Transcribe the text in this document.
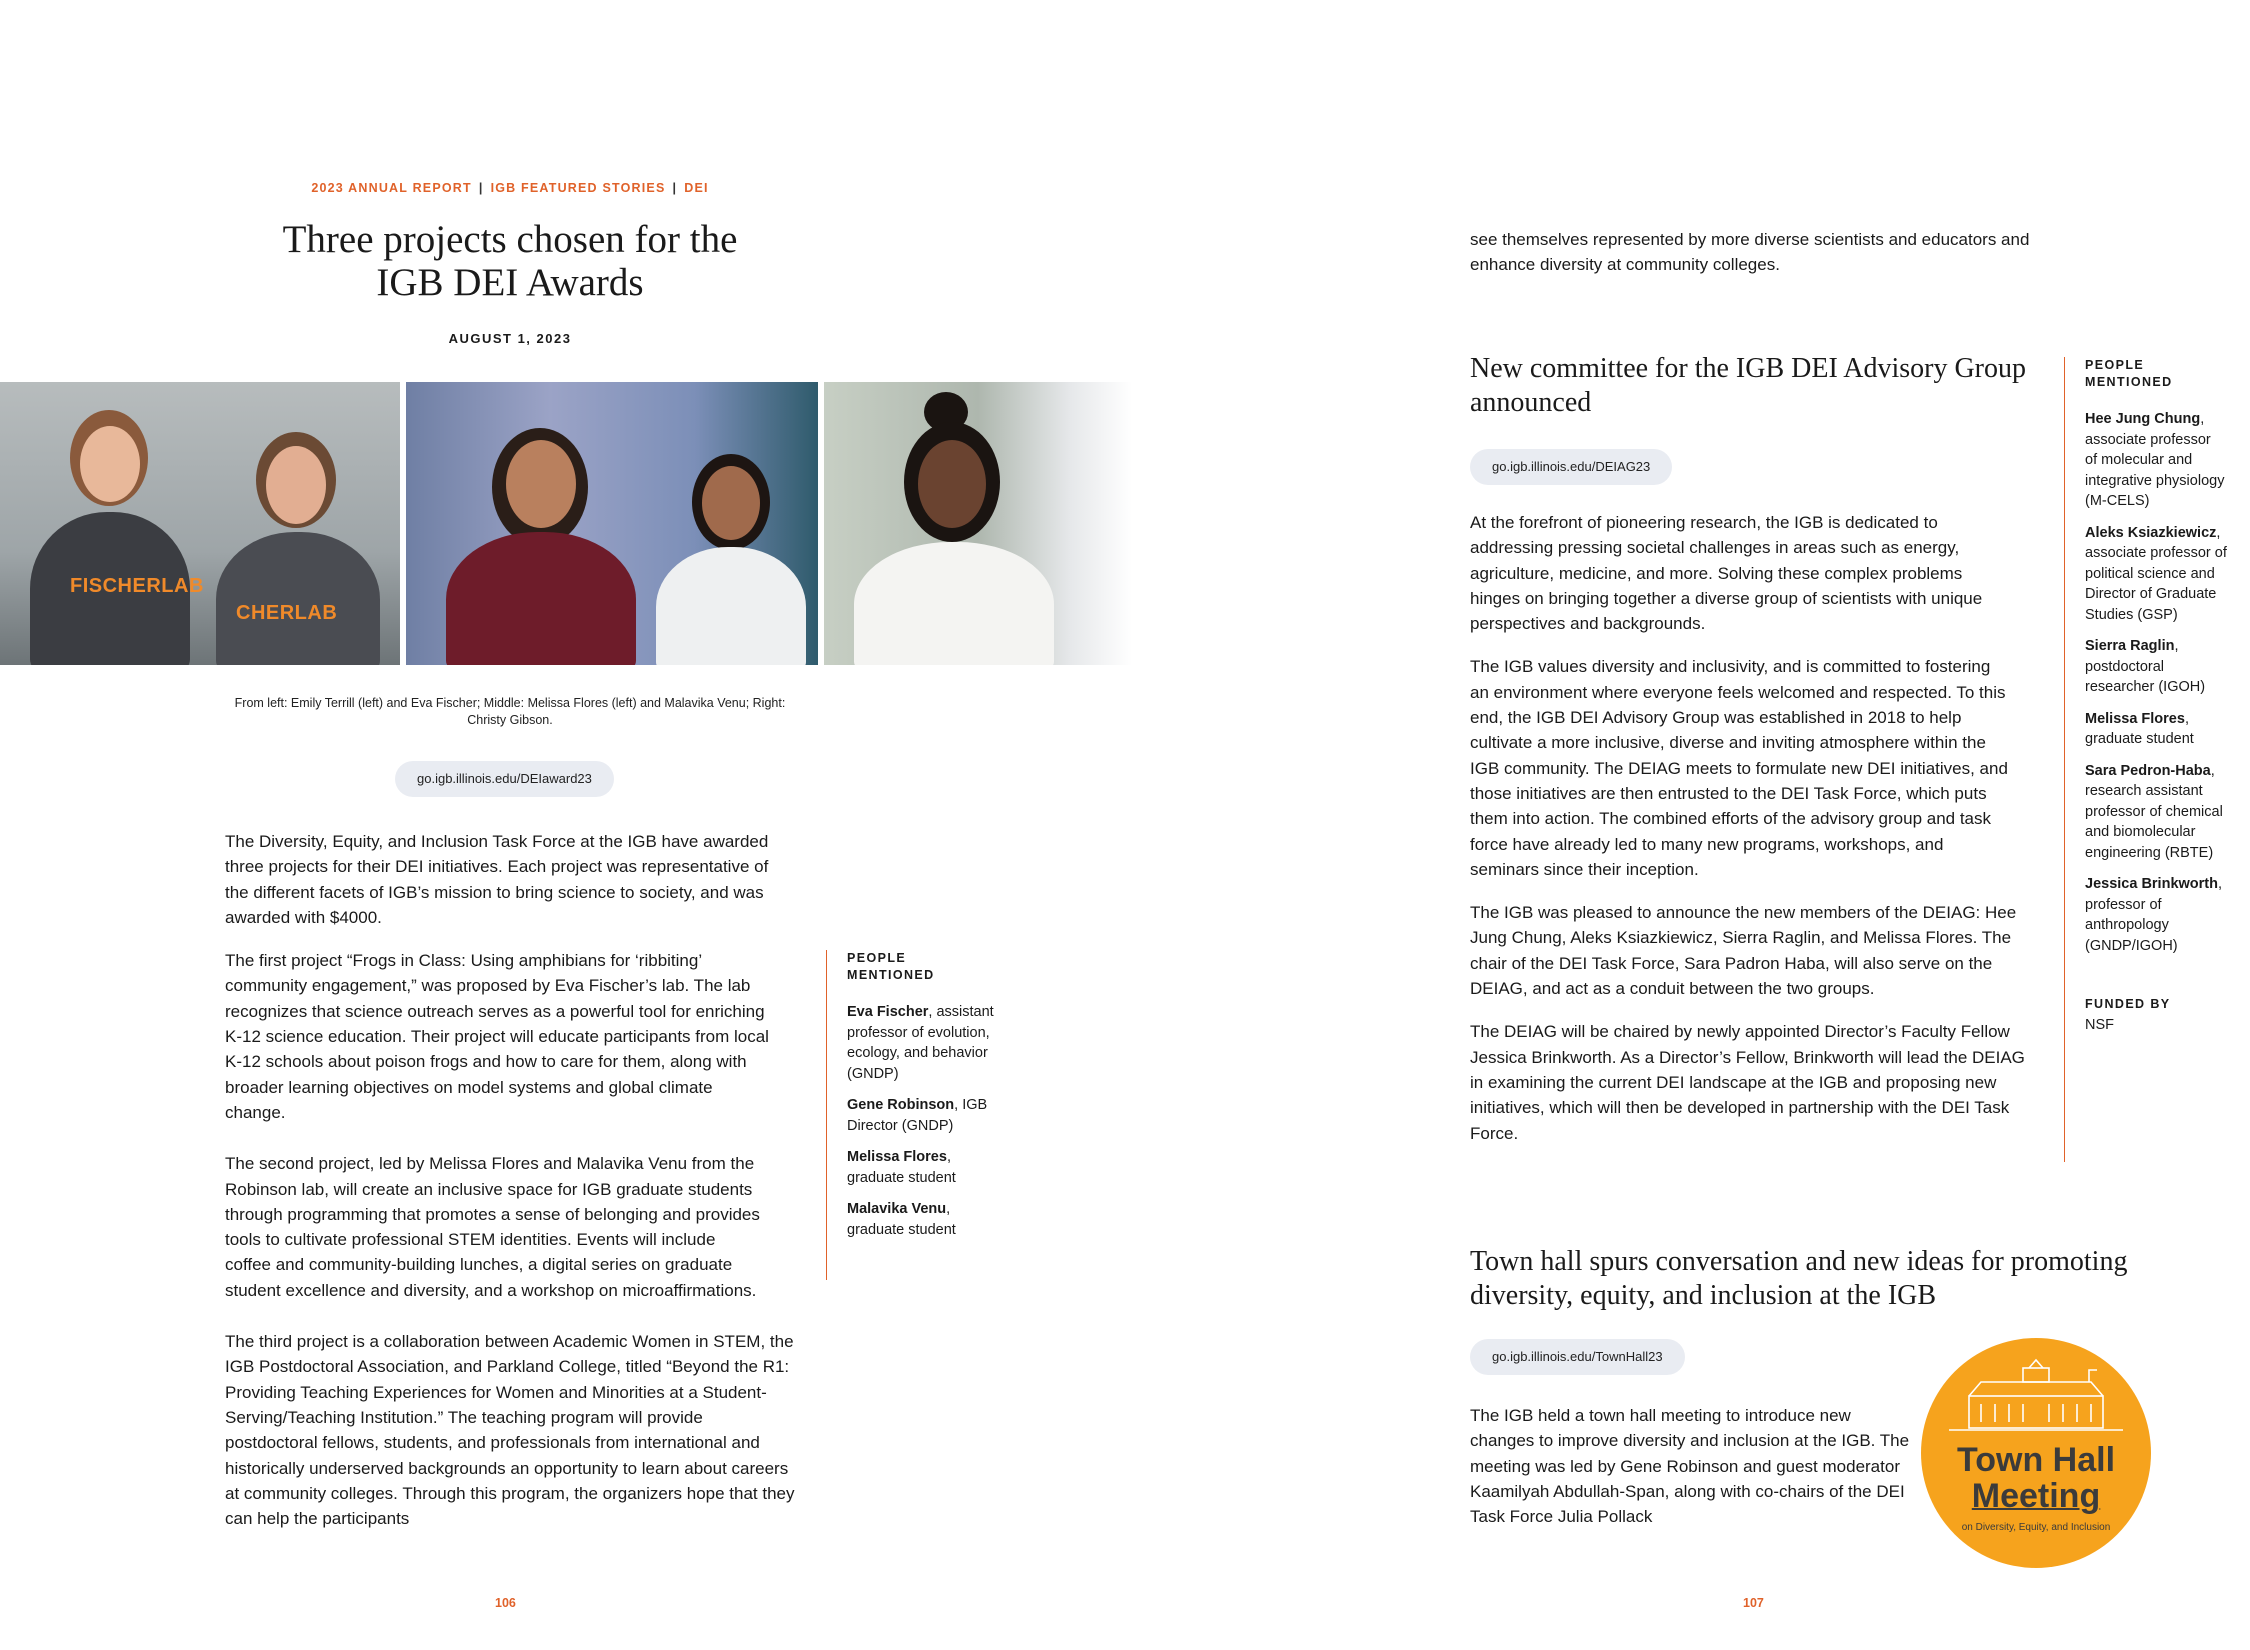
2023 ANNUAL REPORT | IGB FEATURED STORIES | DEI
Three projects chosen for the
IGB DEI Awards
AUGUST 1, 2023
FISCHERLAB
CHERLAB
From left: Emily Terrill (left) and Eva Fischer; Middle: Melissa Flores (left) and Malavika Venu; Right: Christy Gibson.
go.igb.illinois.edu/DEIaward23

The Diversity, Equity, and Inclusion Task Force at the IGB have awarded three projects for their DEI initiatives. Each project was representative of the different facets of IGB’s mission to bring science to society, and was awarded with $4000.

The first project “Frogs in Class: Using amphibians for ‘ribbiting’ community engagement,” was proposed by Eva Fischer’s lab. The lab recognizes that science outreach serves as a powerful tool for enriching K-12 science education. Their project will educate participants from local K-12 schools about poison frogs and how to care for them, along with broader learning objectives on model systems and global climate change.

The second project, led by Melissa Flores and Malavika Venu from the Robinson lab, will create an inclusive space for IGB graduate students through programming that promotes a sense of belonging and provides tools to cultivate professional STEM identities. Events will include coffee and community-building lunches, a digital series on graduate student excellence and diversity, and a workshop on microaffirmations.

The third project is a collaboration between Academic Women in STEM, the IGB Postdoctoral Association, and Parkland College, titled “Beyond the R1: Providing Teaching Experiences for Women and Minorities at a Student-Serving/Teaching Institution.” The teaching program will provide postdoctoral fellows, students, and professionals from international and historically underserved backgrounds an opportunity to learn about careers at community colleges. Through this program, the organizers hope that they can help the participants

PEOPLE MENTIONED
Eva Fischer, assistant professor of evolution, ecology, and behavior (GNDP)
Gene Robinson, IGB Director (GNDP)
Melissa Flores, graduate student
Malavika Venu, graduate student
106

see themselves represented by more diverse scientists and educators and enhance diversity at community colleges.

New committee for the IGB DEI Advisory Group announced
go.igb.illinois.edu/DEIAG23

At the forefront of pioneering research, the IGB is dedicated to addressing pressing societal challenges in areas such as energy, agriculture, medicine, and more. Solving these complex problems hinges on bringing together a diverse group of scientists with unique perspectives and backgrounds.

The IGB values diversity and inclusivity, and is committed to fostering an environment where everyone feels welcomed and respected. To this end, the IGB DEI Advisory Group was established in 2018 to help cultivate a more inclusive, diverse and inviting atmosphere within the IGB community. The DEIAG meets to formulate new DEI initiatives, and those initiatives are then entrusted to the DEI Task Force, which puts them into action. The combined efforts of the advisory group and task force have already led to many new programs, workshops, and seminars since their inception.

The IGB was pleased to announce the new members of the DEIAG: Hee Jung Chung, Aleks Ksiazkiewicz, Sierra Raglin, and Melissa Flores. The chair of the DEI Task Force, Sara Padron Haba, will also serve on the DEIAG, and act as a conduit between the two groups.

The DEIAG will be chaired by newly appointed Director’s Faculty Fellow Jessica Brinkworth. As a Director’s Fellow, Brinkworth will lead the DEIAG in examining the current DEI landscape at the IGB and proposing new initiatives, which will then be developed in partnership with the DEI Task Force.

PEOPLE MENTIONED
Hee Jung Chung, associate professor of molecular and integrative physiology (M-CELS)
Aleks Ksiazkiewicz, associate professor of political science and Director of Graduate Studies (GSP)
Sierra Raglin, postdoctoral researcher (IGOH)
Melissa Flores, graduate student
Sara Pedron-Haba, research assistant professor of chemical and biomolecular engineering (RBTE)
Jessica Brinkworth, professor of anthropology (GNDP/IGOH)
FUNDED BY
NSF
Town hall spurs conversation and new ideas for promoting diversity, equity, and inclusion at the IGB
go.igb.illinois.edu/TownHall23

The IGB held a town hall meeting to introduce new changes to improve diversity and inclusion at the IGB. The meeting was led by Gene Robinson and guest moderator Kaamilyah Abdullah-Span, along with co-chairs of the DEI Task Force Julia Pollack

Town Hall
Meeting
on Diversity, Equity, and Inclusion
107
